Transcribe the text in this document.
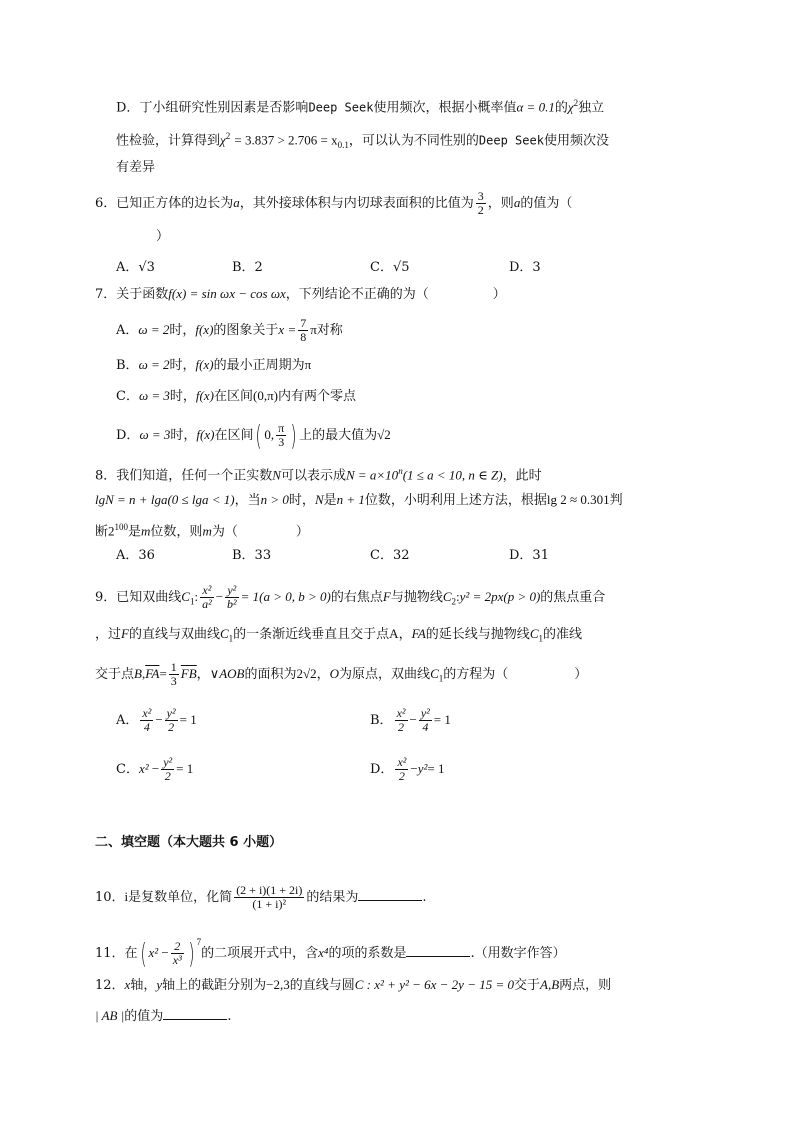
D．丁小组研究性别因素是否影响Deep Seek使用频次，根据小概率值α = 0.1的$\chi^2$独立
性检验，计算得到$\chi^2 = 3.837 > 2.706 = x_{0.1}$，可以认为不同性别的Deep Seek使用频次没
有差异
6．已知正方体的边长为a，其外接球体积与内切球表面积的比值为 $\frac{3}{2}$ ，则a的值为（
）
A．√3	B．2	C．√5	D．3
7．关于函数f(x) = sin ωx − cos ωx，下列结论不正确的为（	）
A．ω = 2时，f(x)的图象关于$x = \frac{7}{8}$ π对称
B．ω = 2时，f(x)的最小正周期为π
C．ω = 3时，f(x)在区间(0,π)内有两个零点
D．ω = 3时，f(x)在区间( 0, $\frac{\pi}{3}$ ) 上的最大值为√2
8．我们知道，任何一个正实数N可以表示成$N = a\times 10^n(1 \le a < 10$, n ∈ Z)，此时
lgN = n + lga(0 ≤ lga < 1)，当n > 0时，N是n + 1位数，小明利用上述方法，根据lg 2 ≈ 0.301判
断$2^{100}$是m位数，则m为（	）
A．36	B．33	C．32	D．31
9．已知双曲线$C_1$: $\frac{\text{x²}}{\text{a²}} - \frac{\text{y²}}{\text{b²}} = 1(a > 0$, b > 0)的右焦点F与抛物线$C_2:y^2 = 2px(p > 0)$的焦点重合
，过F的直线与双曲线$C_1$的一条渐近线垂直且交于点A，FA的延长线与抛物线$C_1$的准线
交于点$B,\overline{FA}= \frac{1}{3} \overline{FB}$，∨AOB的面积为2√2，O为原点，双曲线$C_1$的方程为（	）
A． $\frac{\text{x²}}{4} - \frac{\text{y²}}{2} = 1$	B． $\frac{\text{x²}}{2} - \frac{\text{y²}}{4} = 1$
C．$x^2 - \frac{\text{y²}}{2} = 1$	D． $\frac{\text{x²}}{2} -y^2= 1$
二、填空题（本大题共 6 小题）
10．i是复数单位，化简 $\frac{(2 + i)(1 + 2i)}{\text{(1 + i)²}}$ 的结果为	.
11．在( $x^2 - \frac{2}{\text{x³}}$ ) $^7$的二项展开式中，含x⁴的项的系数是	.（用数字作答）
12．x轴，y轴上的截距分别为−2,3的直线与圆C : x² + y² − 6x − 2y − 15 = 0交于A,B两点，则
| AB |的值为	.
